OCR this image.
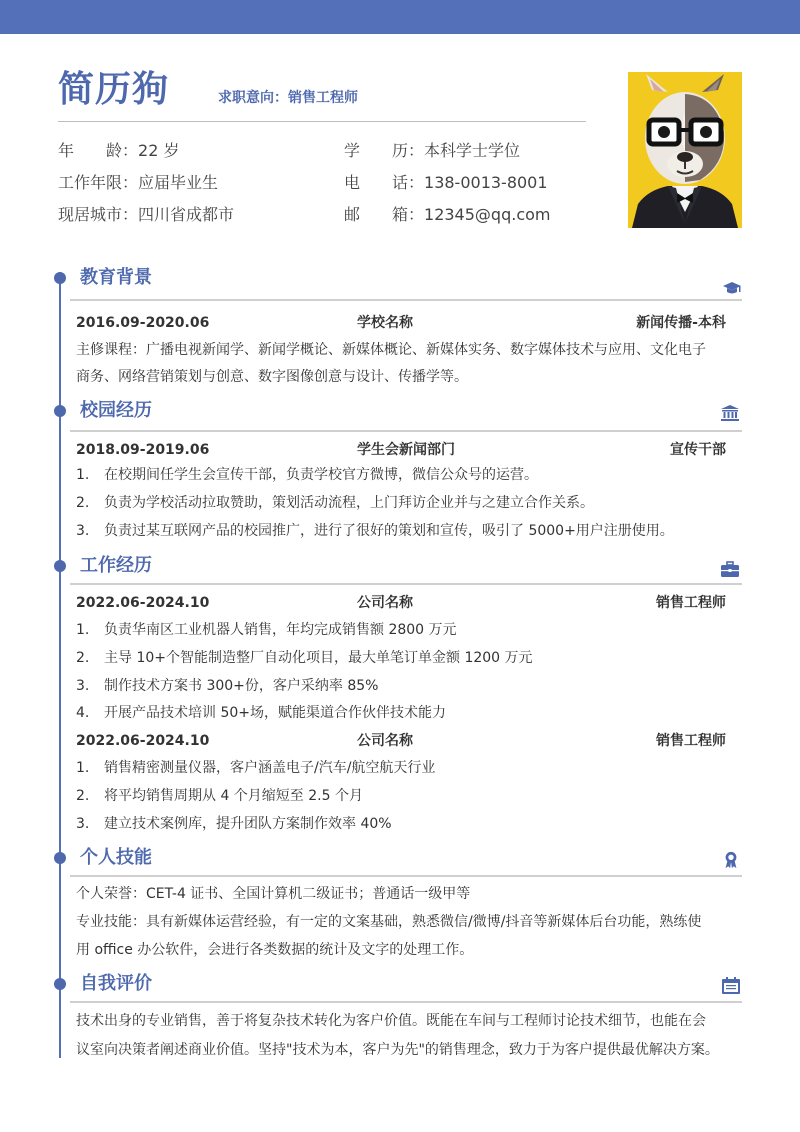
简历狗	求职意向：销售工程师
年　龄：22 岁	学　历：本科学士学位
工作年限：应届毕业生	电　话：138-0013-8001
现居城市：四川省成都市	邮　箱：12345@qq.com
教育背景
2016.09-2020.06	学校名称	新闻传播-本科
主修课程：广播电视新闻学、新闻学概论、新媒体概论、新媒体实务、数字媒体技术与应用、文化电子
商务、网络营销策划与创意、数字图像创意与设计、传播学等。
校园经历
2018.09-2019.06	学生会新闻部门	宣传干部
1. 在校期间任学生会宣传干部，负责学校官方微博，微信公众号的运营。
2. 负责为学校活动拉取赞助，策划活动流程，上门拜访企业并与之建立合作关系。
3. 负责过某互联网产品的校园推广，进行了很好的策划和宣传，吸引了 5000+用户注册使用。
工作经历
2022.06-2024.10	公司名称	销售工程师
1. 负责华南区工业机器人销售，年均完成销售额 2800 万元
2. 主导 10+个智能制造整厂自动化项目，最大单笔订单金额 1200 万元
3. 制作技术方案书 300+份，客户采纳率 85%
4. 开展产品技术培训 50+场，赋能渠道合作伙伴技术能力
2022.06-2024.10	公司名称	销售工程师
1. 销售精密测量仪器，客户涵盖电子/汽车/航空航天行业
2. 将平均销售周期从 4 个月缩短至 2.5 个月
3. 建立技术案例库，提升团队方案制作效率 40%
个人技能
个人荣誉：CET-4 证书、全国计算机二级证书；普通话一级甲等
专业技能：具有新媒体运营经验，有一定的文案基础，熟悉微信/微博/抖音等新媒体后台功能，熟练使
用 office 办公软件，会进行各类数据的统计及文字的处理工作。
自我评价
技术出身的专业销售，善于将复杂技术转化为客户价值。既能在车间与工程师讨论技术细节，也能在会
议室向决策者阐述商业价值。坚持"技术为本，客户为先"的销售理念，致力于为客户提供最优解决方案。
